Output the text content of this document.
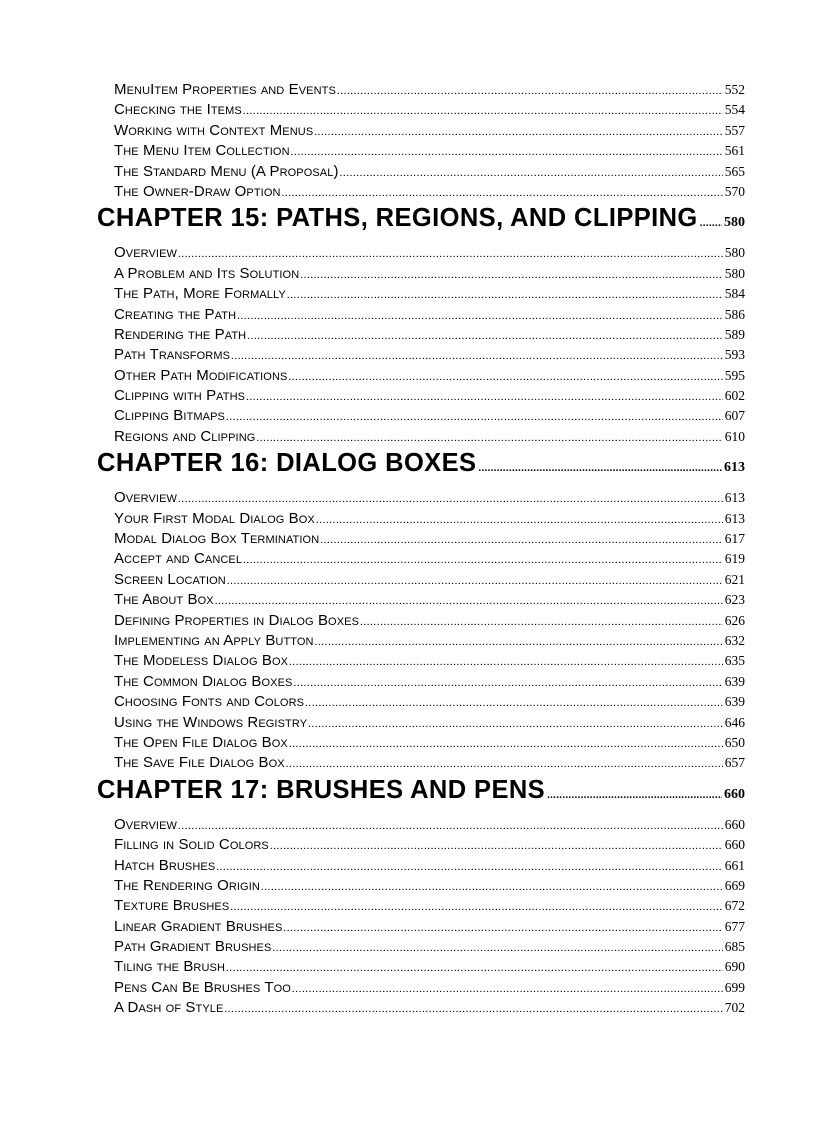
MenuItem Properties and Events .....	552
Checking the Items .....	554
Working with Context Menus .....	557
The Menu Item Collection .....	561
The Standard Menu (A Proposal) .....	565
The Owner-Draw Option .....	570
CHAPTER 15: PATHS, REGIONS, AND CLIPPING ..... 580
Overview .....	580
A Problem and Its Solution .....	580
The Path, More Formally .....	584
Creating the Path .....	586
Rendering the Path .....	589
Path Transforms .....	593
Other Path Modifications .....	595
Clipping with Paths .....	602
Clipping Bitmaps .....	607
Regions and Clipping .....	610
CHAPTER 16: DIALOG BOXES .....	613
Overview .....	613
Your First Modal Dialog Box .....	613
Modal Dialog Box Termination .....	617
Accept and Cancel .....	619
Screen Location .....	621
The About Box .....	623
Defining Properties in Dialog Boxes .....	626
Implementing an Apply Button .....	632
The Modeless Dialog Box .....	635
The Common Dialog Boxes .....	639
Choosing Fonts and Colors .....	639
Using the Windows Registry .....	646
The Open File Dialog Box .....	650
The Save File Dialog Box .....	657
CHAPTER 17: BRUSHES AND PENS .....	660
Overview .....	660
Filling in Solid Colors .....	660
Hatch Brushes .....	661
The Rendering Origin .....	669
Texture Brushes .....	672
Linear Gradient Brushes .....	677
Path Gradient Brushes .....	685
Tiling the Brush .....	690
Pens Can Be Brushes Too .....	699
A Dash of Style .....	702
